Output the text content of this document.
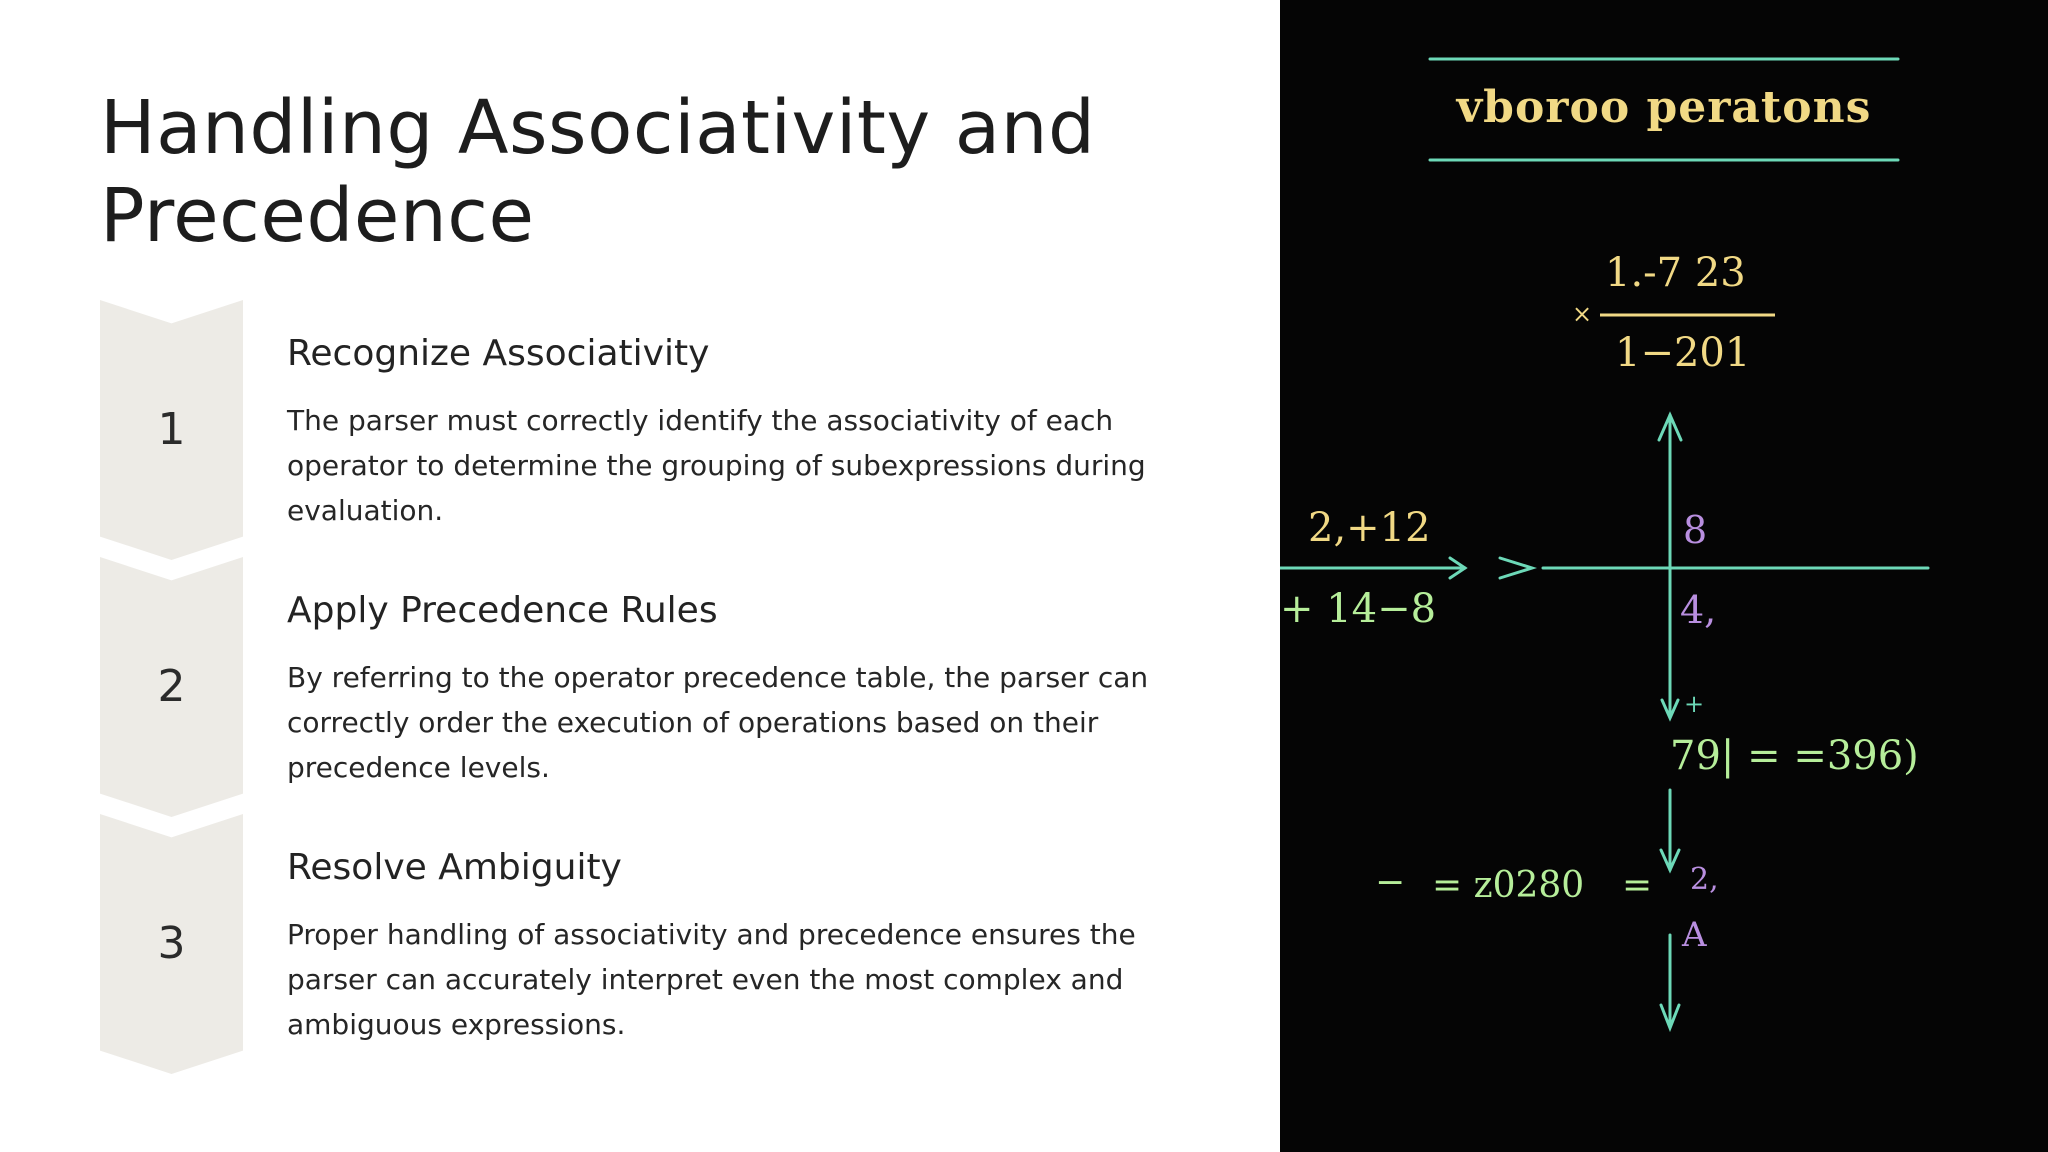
Handling Associativity and Precedence
1
Recognize Associativity

The parser must correctly identify the associativity of each operator to determine the grouping of subexpressions during evaluation.

2
Apply Precedence Rules

By referring to the operator precedence table, the parser can correctly order the execution of operations based on their precedence levels.

3
Resolve Ambiguity

Proper handling of associativity and precedence ensures the parser can accurately interpret even the most complex and ambiguous expressions.

vboroo peratons
1.-7 23
×
1−201
2,+12
+ 14−8
8
4,
+
79| = =396)
− = z0280 = 2,
A
